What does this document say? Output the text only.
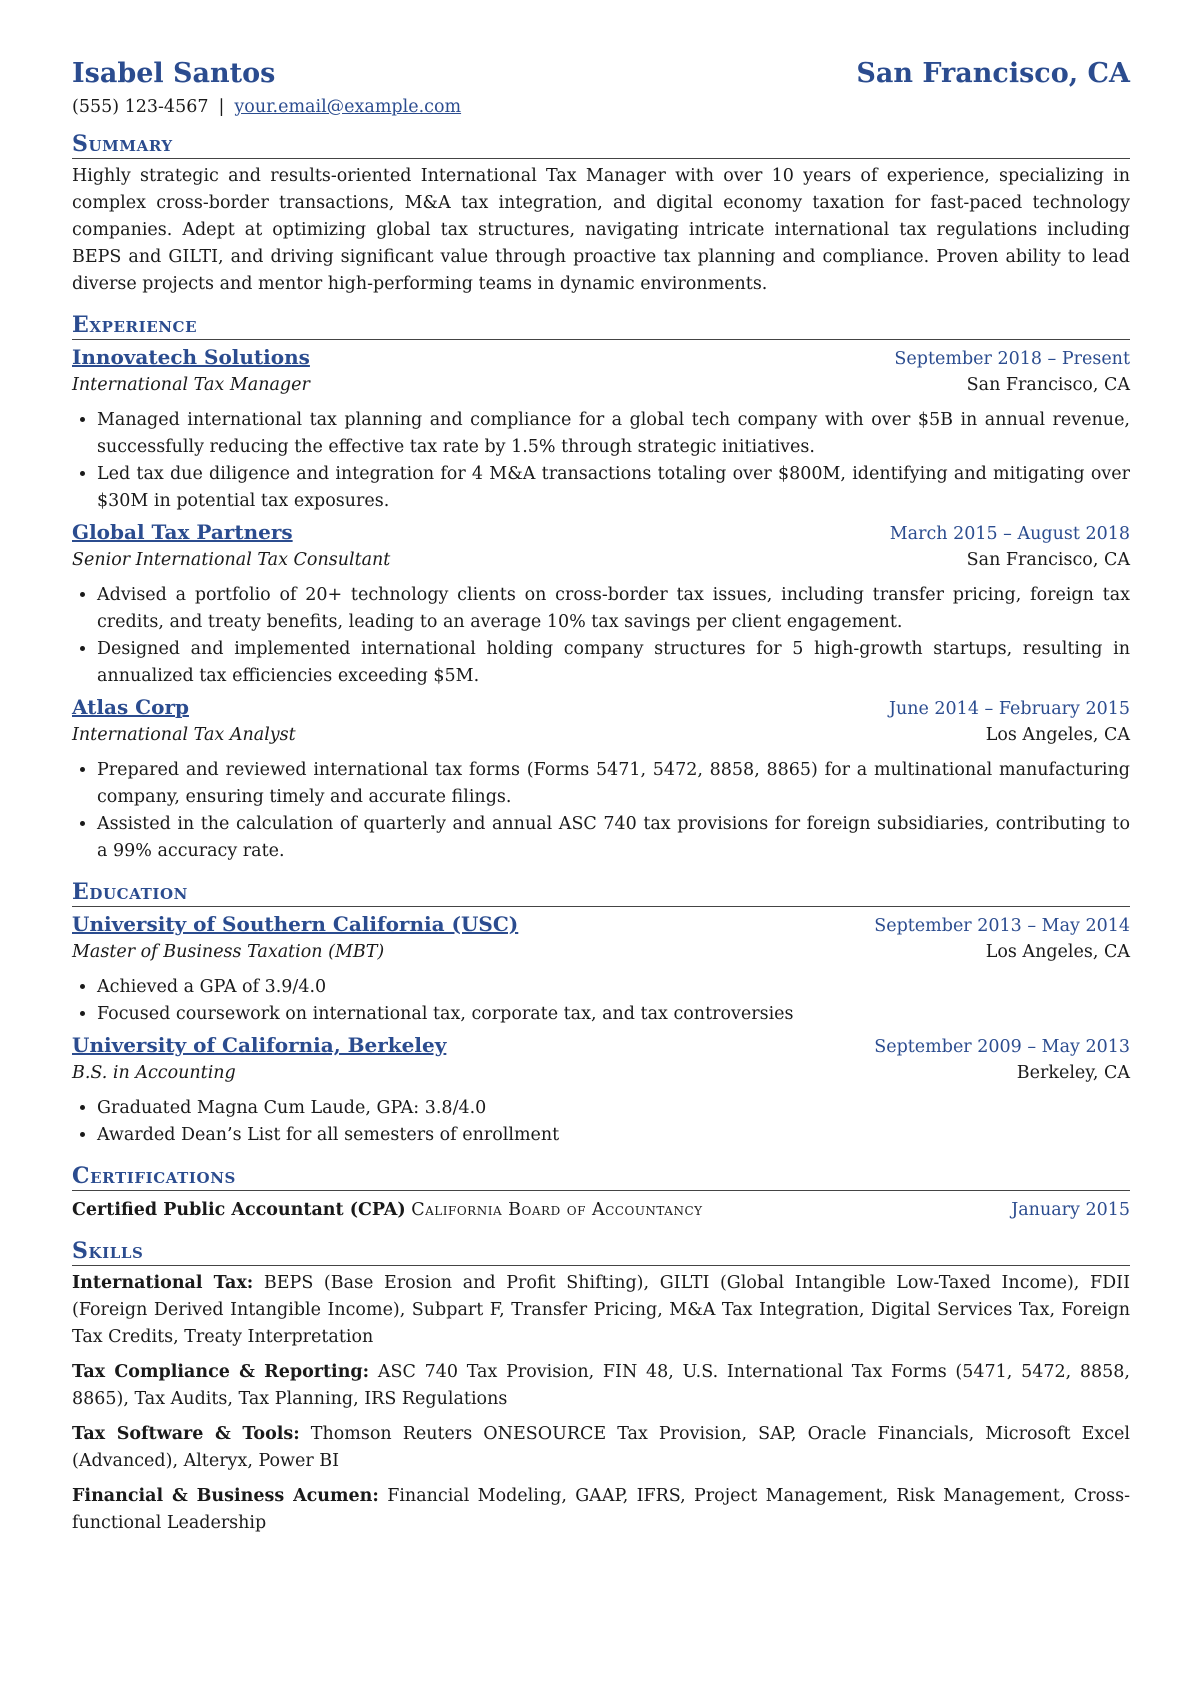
Isabel Santos	San Francisco, CA
(555) 123-4567 | your.email@example.com
Summary
Highly strategic and results-oriented International Tax Manager with over 10 years of experience, specializing in complex cross-border transactions, M&A tax integration, and digital economy taxation for fast-paced technology companies. Adept at optimizing global tax structures, navigating intricate international tax regulations including BEPS and GILTI, and driving significant value through proactive tax planning and compliance. Proven ability to lead diverse projects and mentor high-performing teams in dynamic environments.
Experience
Innovatech Solutions	September 2018 – Present
International Tax Manager	San Francisco, CA
• Managed international tax planning and compliance for a global tech company with over $5B in annual revenue, successfully reducing the effective tax rate by 1.5% through strategic initiatives.
• Led tax due diligence and integration for 4 M&A transactions totaling over $800M, identifying and mitigating over $30M in potential tax exposures.
Global Tax Partners	March 2015 – August 2018
Senior International Tax Consultant	San Francisco, CA
• Advised a portfolio of 20+ technology clients on cross-border tax issues, including transfer pricing, foreign tax credits, and treaty benefits, leading to an average 10% tax savings per client engagement.
• Designed and implemented international holding company structures for 5 high-growth startups, resulting in annualized tax efficiencies exceeding $5M.
Atlas Corp	June 2014 – February 2015
International Tax Analyst	Los Angeles, CA
• Prepared and reviewed international tax forms (Forms 5471, 5472, 8858, 8865) for a multinational manufacturing company, ensuring timely and accurate filings.
• Assisted in the calculation of quarterly and annual ASC 740 tax provisions for foreign subsidiaries, contributing to a 99% accuracy rate.
Education
University of Southern California (USC)	September 2013 – May 2014
Master of Business Taxation (MBT)	Los Angeles, CA
• Achieved a GPA of 3.9/4.0
• Focused coursework on international tax, corporate tax, and tax controversies
University of California, Berkeley	September 2009 – May 2013
B.S. in Accounting	Berkeley, CA
• Graduated Magna Cum Laude, GPA: 3.8/4.0
• Awarded Dean’s List for all semesters of enrollment
Certifications
Certified Public Accountant (CPA) California Board of Accountancy	January 2015
Skills
International Tax: BEPS (Base Erosion and Profit Shifting), GILTI (Global Intangible Low-Taxed Income), FDII (Foreign Derived Intangible Income), Subpart F, Transfer Pricing, M&A Tax Integration, Digital Services Tax, Foreign Tax Credits, Treaty Interpretation
Tax Compliance & Reporting: ASC 740 Tax Provision, FIN 48, U.S. International Tax Forms (5471, 5472, 8858, 8865), Tax Audits, Tax Planning, IRS Regulations
Tax Software & Tools: Thomson Reuters ONESOURCE Tax Provision, SAP, Oracle Financials, Microsoft Excel (Advanced), Alteryx, Power BI
Financial & Business Acumen: Financial Modeling, GAAP, IFRS, Project Management, Risk Management, Cross-functional Leadership
